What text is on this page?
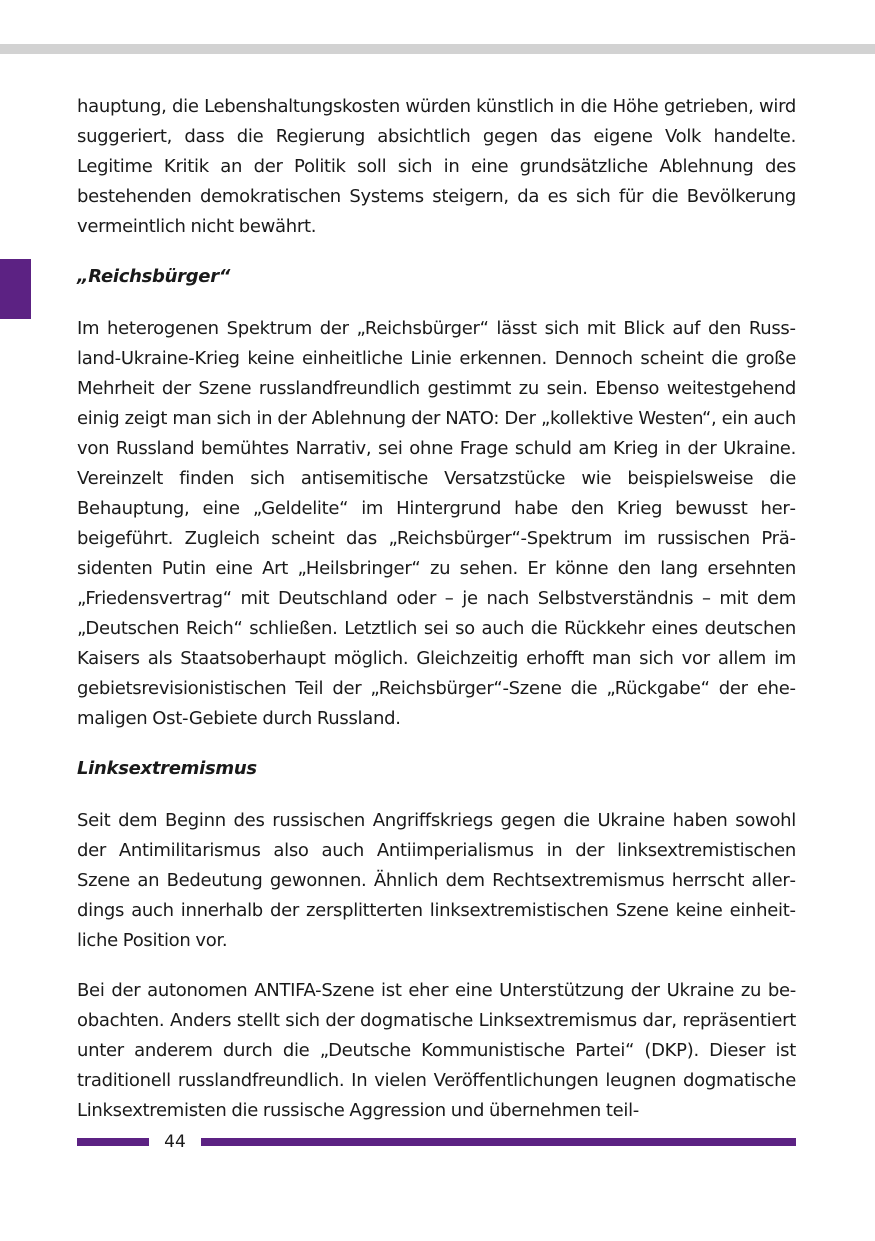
hauptung, die Lebenshaltungskosten würden künstlich in die Höhe getrieben, wird suggeriert, dass die Regierung absichtlich gegen das eigene Volk handelte. Legitime Kritik an der Politik soll sich in eine grundsätzliche Ablehnung des bestehenden demokratischen Systems steigern, da es sich für die Bevölkerung vermeintlich nicht bewährt.

„Reichsbürger“

Im heterogenen Spektrum der „Reichsbürger“ lässt sich mit Blick auf den Russland-Ukraine-Krieg keine einheitliche Linie erkennen. Dennoch scheint die große Mehrheit der Szene russlandfreundlich gestimmt zu sein. Ebenso weitestgehend einig zeigt man sich in der Ablehnung der NATO: Der „kollektive Westen“, ein auch von Russland bemühtes Narrativ, sei ohne Frage schuld am Krieg in der Ukraine. Vereinzelt finden sich antisemitische Versatzstücke wie beispielsweise die Behauptung, eine „Geldelite“ im Hintergrund habe den Krieg bewusst herbeigeführt. Zugleich scheint das „Reichsbürger“-Spektrum im russischen Präsidenten Putin eine Art „Heilsbringer“ zu sehen. Er könne den lang ersehnten „Friedensvertrag“ mit Deutschland oder – je nach Selbstverständnis – mit dem „Deutschen Reich“ schließen. Letztlich sei so auch die Rückkehr eines deutschen Kaisers als Staatsoberhaupt möglich. Gleichzeitig erhofft man sich vor allem im gebietsrevisionistischen Teil der „Reichsbürger“-Szene die „Rückgabe“ der ehemaligen Ost-Gebiete durch Russland.

Linksextremismus

Seit dem Beginn des russischen Angriffskriegs gegen die Ukraine haben sowohl der Antimilitarismus also auch Antiimperialismus in der linksextremistischen Szene an Bedeutung gewonnen. Ähnlich dem Rechtsextremismus herrscht allerdings auch innerhalb der zersplitterten linksextremistischen Szene keine einheitliche Position vor.

Bei der autonomen ANTIFA-Szene ist eher eine Unterstützung der Ukraine zu be-obachten. Anders stellt sich der dogmatische Linksextremismus dar, repräsentiert unter anderem durch die „Deutsche Kommunistische Partei“ (DKP). Dieser ist traditionell russlandfreundlich. In vielen Veröffentlichungen leugnen dogmatische Linksextremisten die russische Aggression und übernehmen teil-

44
